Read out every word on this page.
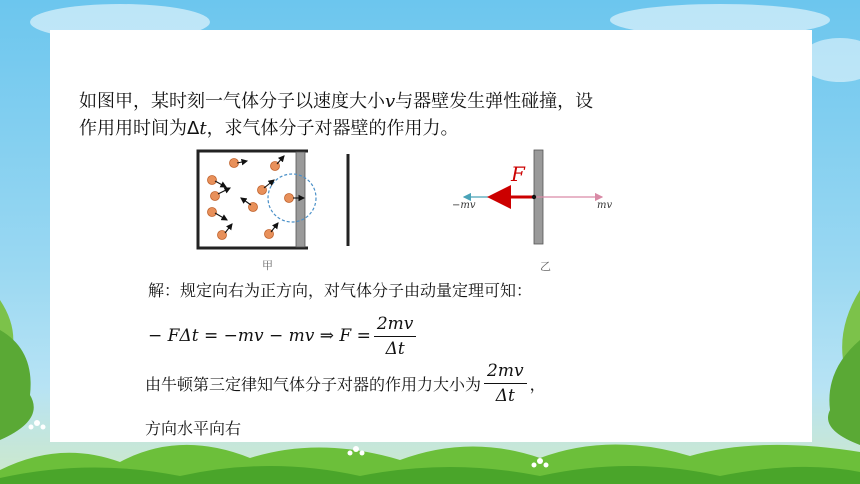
如图甲，某时刻一气体分子以速度大小v与器壁发生弹性碰撞，设
作用用时间为Δt，求气体分子对器壁的作用力。
甲	乙
F
−mv	mv
解：规定向右为正方向，对气体分子由动量定理可知：
− FΔt = −mv − mv ⇒ $F = \frac{2mv}{\Delta t}$
由牛顿第三定律知气体分子对器的作用力大小为 $\frac{2mv}{\Delta t}$ ，
方向水平向右
